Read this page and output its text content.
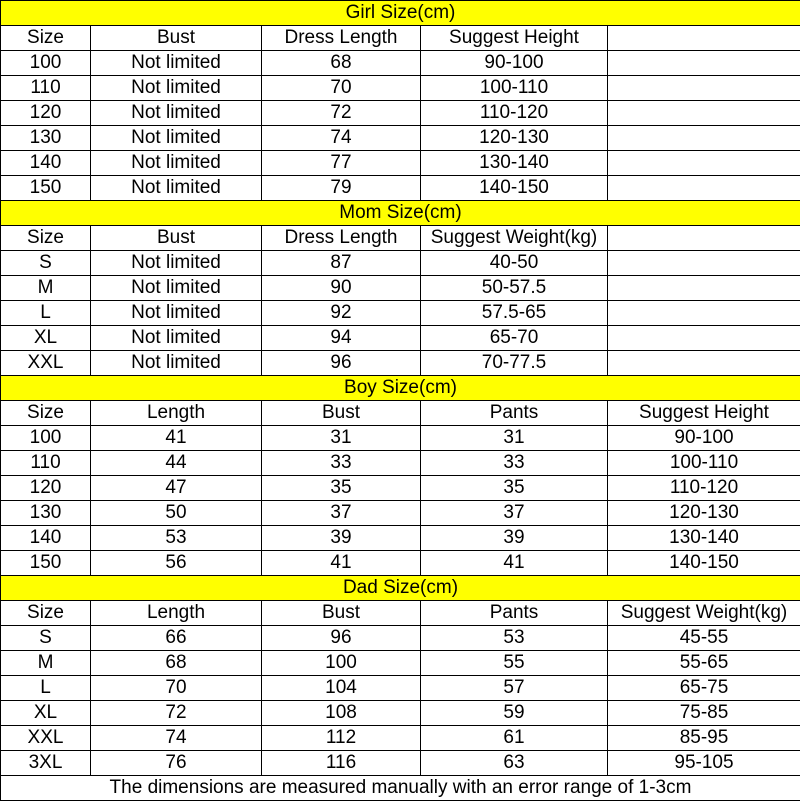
Girl Size(cm)				
Size	Bust	Dress Length	Suggest Height	
100	Not limited	68	90-100	
110	Not limited	70	100-110	
120	Not limited	72	110-120	
130	Not limited	74	120-130	
140	Not limited	77	130-140	
150	Not limited	79	140-150	
Mom Size(cm)				
Size	Bust	Dress Length	Suggest Weight(kg)	
S	Not limited	87	40-50	
M	Not limited	90	50-57.5	
L	Not limited	92	57.5-65	
XL	Not limited	94	65-70	
XXL	Not limited	96	70-77.5	
Boy Size(cm)				
Size	Length	Bust	Pants	Suggest Height
100	41	31	31	90-100
110	44	33	33	100-110
120	47	35	35	110-120
130	50	37	37	120-130
140	53	39	39	130-140
150	56	41	41	140-150
Dad Size(cm)				
Size	Length	Bust	Pants	Suggest Weight(kg)
S	66	96	53	45-55
M	68	100	55	55-65
L	70	104	57	65-75
XL	72	108	59	75-85
XXL	74	112	61	85-95
3XL	76	116	63	95-105
The dimensions are measured manually with an error range of 1-3cm				
